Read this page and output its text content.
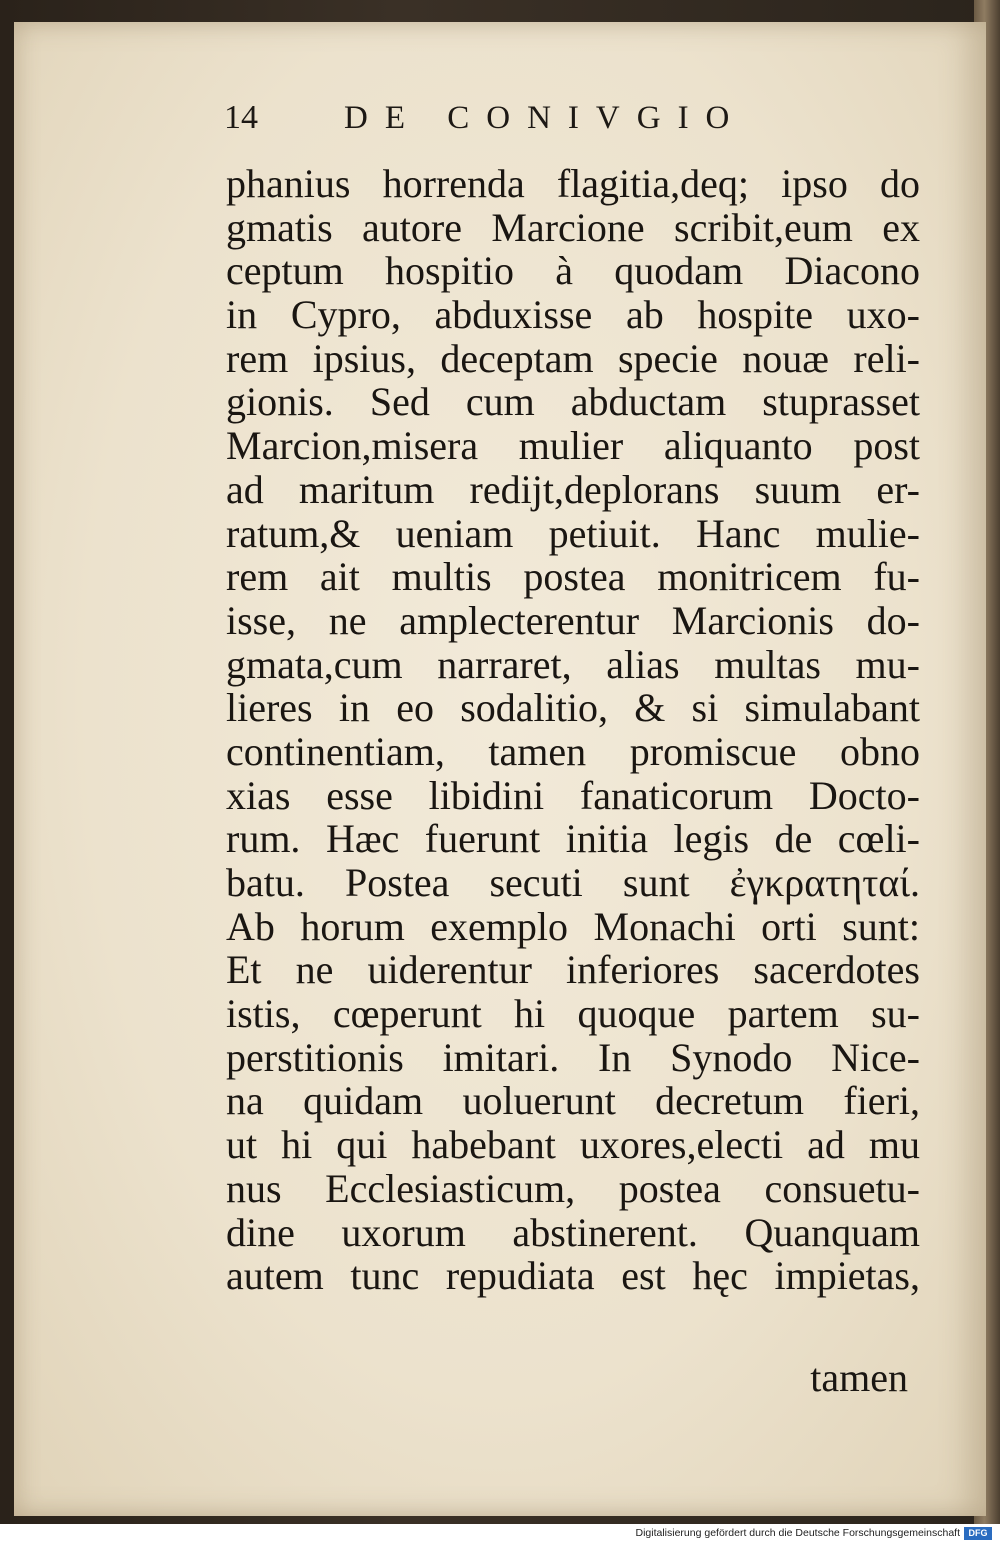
14	DE CONIVGIO
phanius horrenda flagitia,deq; ipso do
gmatis autore Marcione scribit,eum ex
ceptum hospitio à quodam Diacono
in Cypro, abduxisse ab hospite uxo-
rem ipsius, deceptam specie nouæ reli-
gionis. Sed cum abductam stuprasset
Marcion,misera mulier aliquanto post
ad maritum rediјt,deplorans suum er-
ratum,& ueniam petiuit. Hanc mulie-
rem ait multis postea monitricem fu-
isse, ne amplecterentur Marcionis do-
gmata,cum narraret, alias multas mu-
lieres in eo sodalitio, & si simulabant
continentiam, tamen promiscue obno
xias esse libidini fanaticorum Docto-
rum. Hæc fuerunt initia legis de cœli-
batu. Postea secuti sunt ἐγκρατηταί.
Ab horum exemplo Monachi orti sunt:
Et ne uiderentur inferiores sacerdotes
istis, cœperunt hi quoque partem su-
perstitionis imitari. In Synodo Nice-
na quidam uoluerunt decretum fieri,
ut hi qui habebant uxores,electi ad mu
nus Ecclesiasticum, postea consuetu-
dine uxorum abstinerent. Quanquam
autem tunc repudiata est hęc impietas,
tamen
Digitalisierung gefördert durch die Deutsche Forschungsgemeinschaft DFG
